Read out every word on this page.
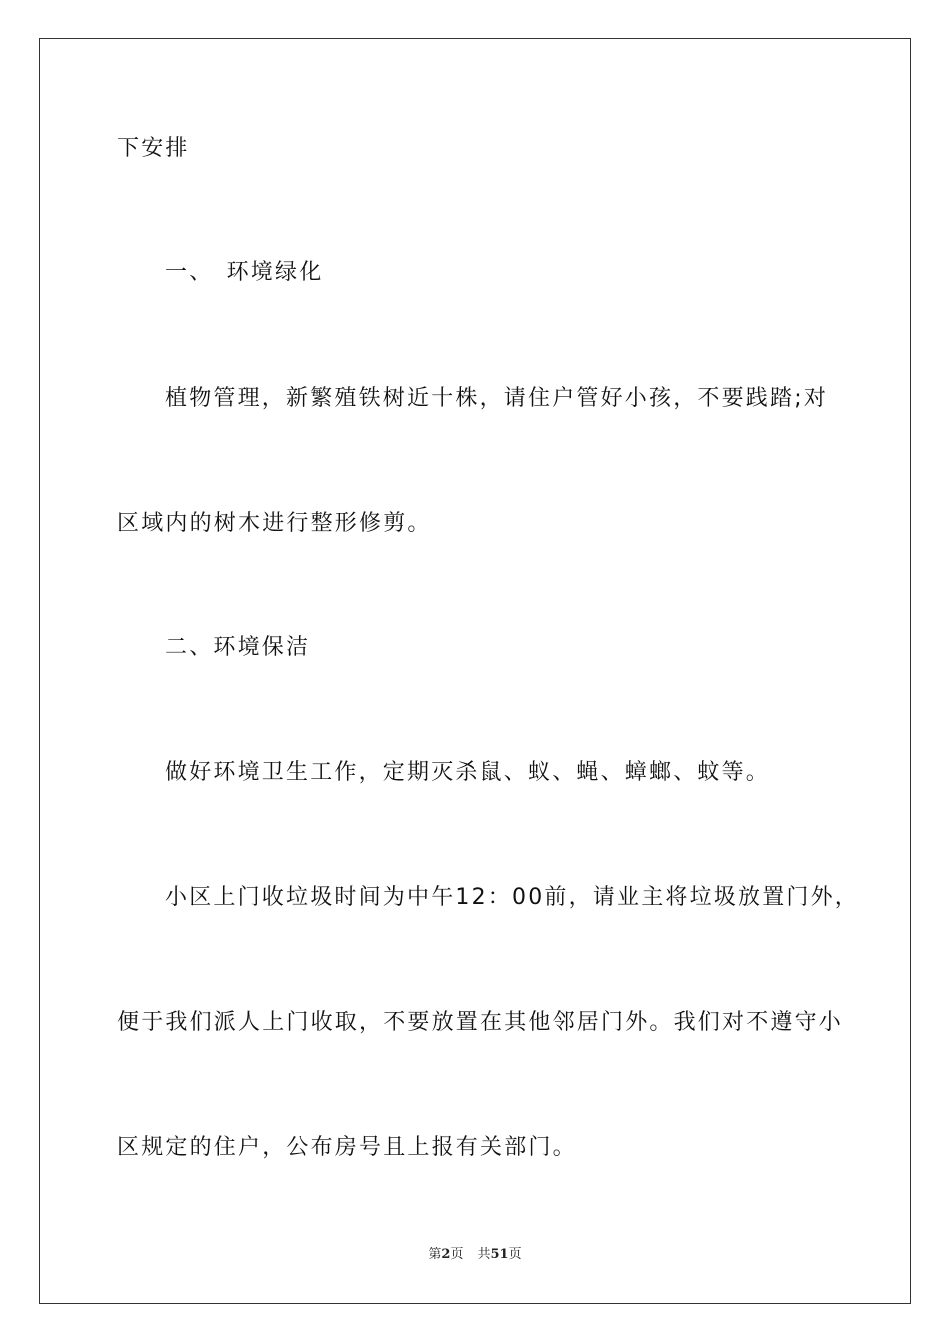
下安排
一、　环境绿化
植物管理，新繁殖铁树近十株，请住户管好小孩，不要践踏;对
区域内的树木进行整形修剪。
二、环境保洁
做好环境卫生工作，定期灭杀鼠、蚁、蝇、蟑螂、蚊等。
小区上门收垃圾时间为中午12：00前，请业主将垃圾放置门外，
便于我们派人上门收取，不要放置在其他邻居门外。我们对不遵守小
区规定的住户，公布房号且上报有关部门。
第2页 共51页
